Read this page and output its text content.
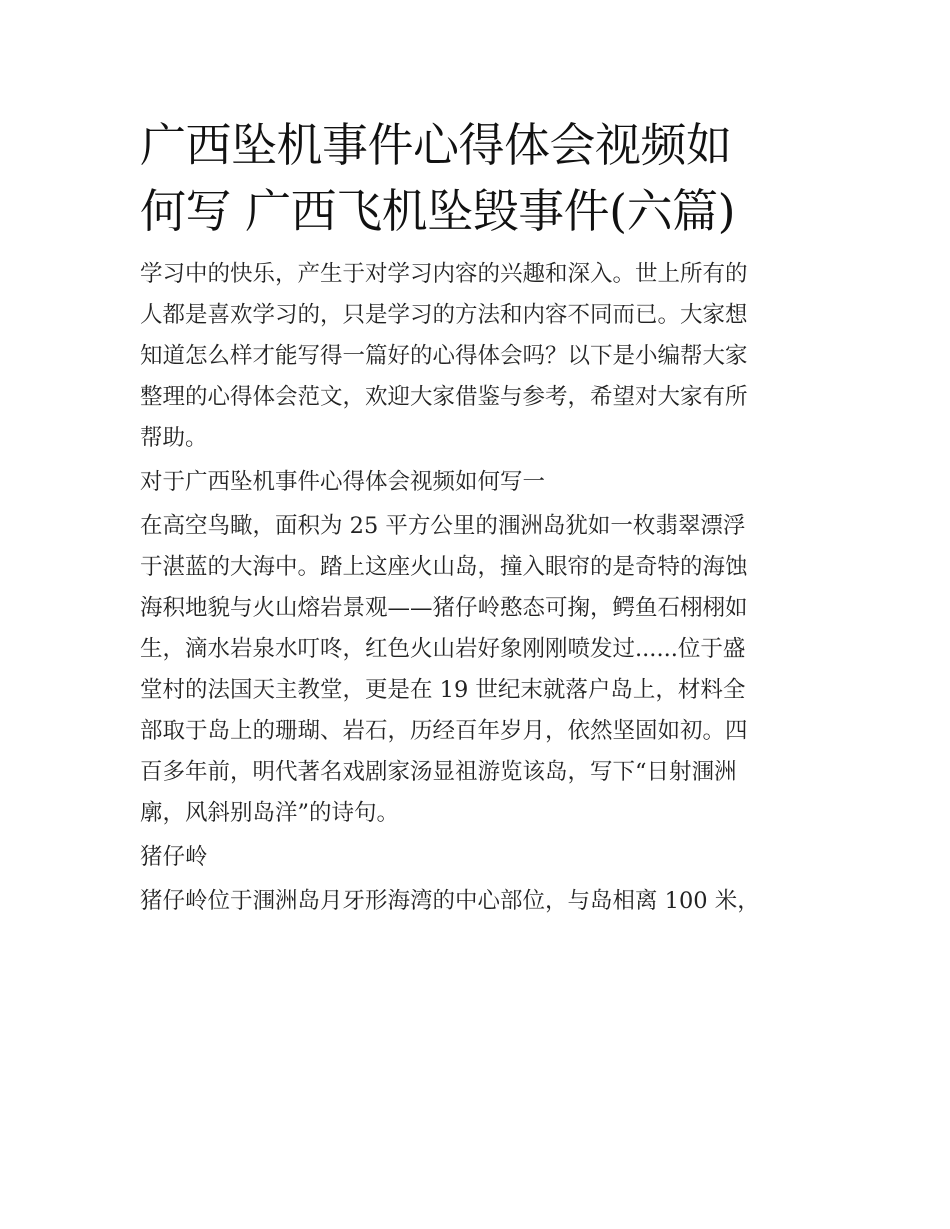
广西坠机事件心得体会视频如
何写 广西飞机坠毁事件(六篇)
学习中的快乐，产生于对学习内容的兴趣和深入。世上所有的
人都是喜欢学习的，只是学习的方法和内容不同而已。大家想
知道怎么样才能写得一篇好的心得体会吗？以下是小编帮大家
整理的心得体会范文，欢迎大家借鉴与参考，希望对大家有所
帮助。
对于广西坠机事件心得体会视频如何写一
在高空鸟瞰，面积为 25 平方公里的涠洲岛犹如一枚翡翠漂浮
于湛蓝的大海中。踏上这座火山岛，撞入眼帘的是奇特的海蚀
海积地貌与火山熔岩景观——猪仔岭憨态可掬，鳄鱼石栩栩如
生，滴水岩泉水叮咚，红色火山岩好象刚刚喷发过......位于盛
堂村的法国天主教堂，更是在 19 世纪末就落户岛上，材料全
部取于岛上的珊瑚、岩石，历经百年岁月，依然坚固如初。四
百多年前，明代著名戏剧家汤显祖游览该岛，写下“日射涠洲
廓，风斜别岛洋”的诗句。
猪仔岭
猪仔岭位于涠洲岛月牙形海湾的中心部位，与岛相离 100 米，
